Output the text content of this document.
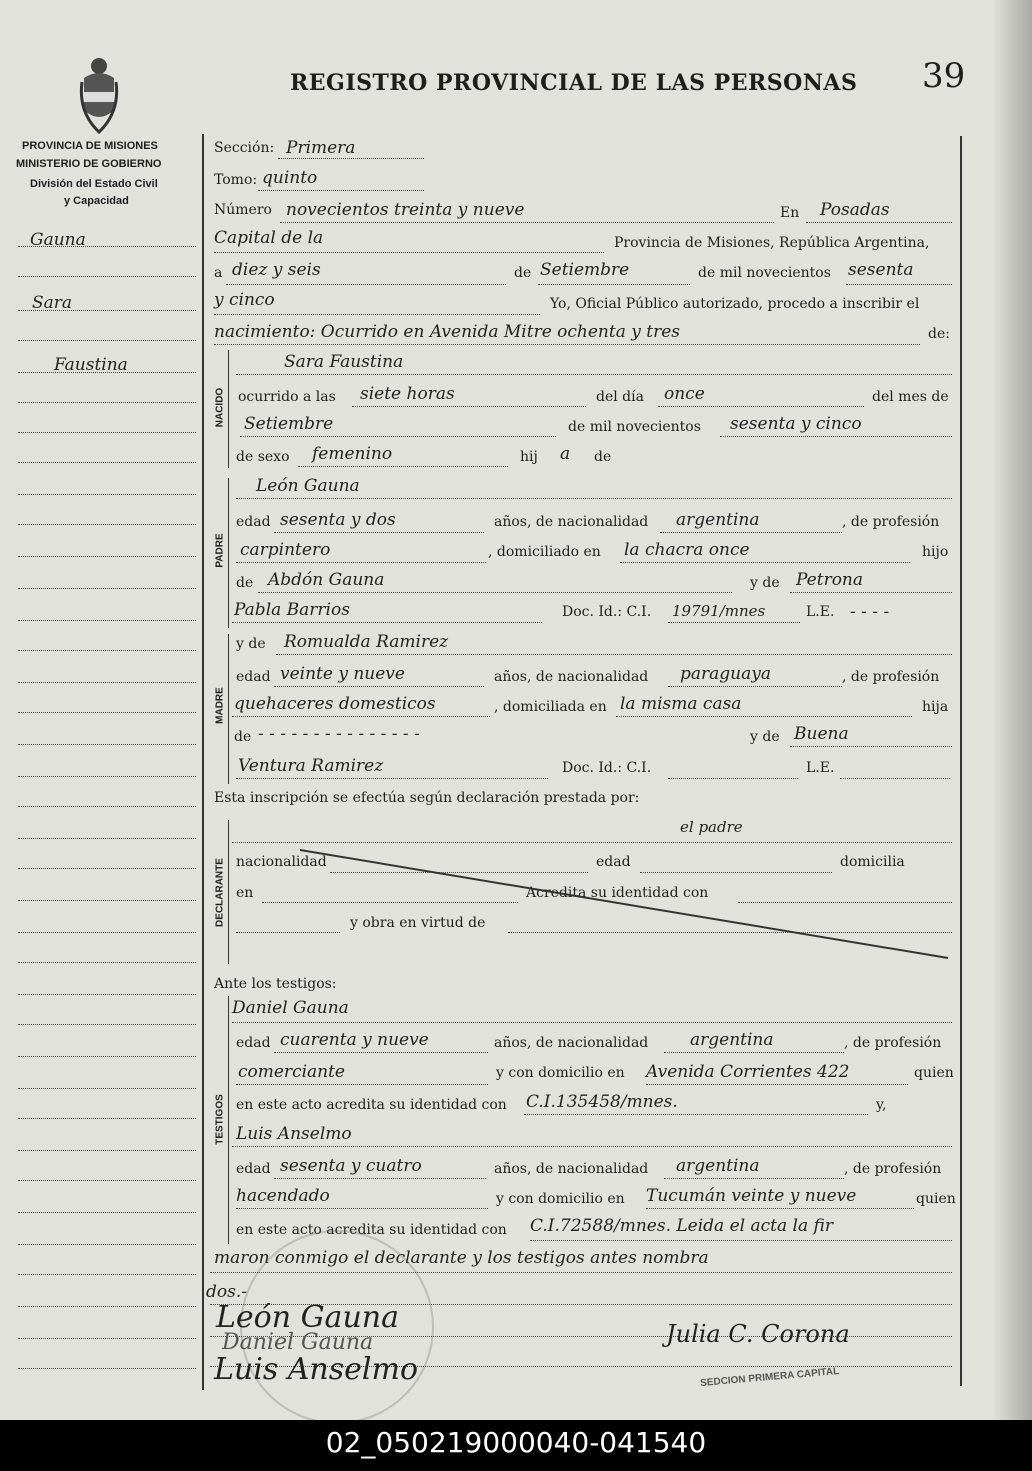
REGISTRO PROVINCIAL DE LAS PERSONAS 39
PROVINCIA DE MISIONES
MINISTERIO DE GOBIERNO
División del Estado Civil
y Capacidad
Gauna
Sara
Faustina
Sección: Primera
Tomo: quinto
Número novecientos treinta y nueve	En Posadas
Capital de la	Provincia de Misiones, República Argentina,
a diez y seis	de Setiembre	de mil novecientos sesenta
y cinco	Yo, Oficial Público autorizado, procedo a inscribir el
nacimiento: Ocurrido en Avenida Mitre ochenta y tres	de:
NACIDO
Sara Faustina
ocurrido a las siete horas	del día once	del mes de
Setiembre	de mil novecientos sesenta y cinco
de sexo femenino	hij a de
PADRE
León Gauna
edad sesenta y dos	años, de nacionalidad argentina	, de profesión
carpintero	, domiciliado en la chacra once	hijo
de Abdón Gauna	y de Petrona
Pabla Barrios	Doc. Id.: C.I. 19791/mnes	L.E. - - - -
MADRE
y de Romualda Ramirez
edad veinte y nueve	años, de nacionalidad paraguaya	, de profesión
quehaceres domesticos	, domiciliada en la misma casa	hija
de - - - - - - - - - - - - - - -	y de Buena
Ventura Ramirez	Doc. Id.: C.I.	L.E.
Esta inscripción se efectúa según declaración prestada por:
DECLARANTE
el padre
nacionalidad	edad	domicilia
en	Acredita su identidad con
y obra en virtud de
Ante los testigos:
TESTIGOS
Daniel Gauna
edad cuarenta y nueve	años, de nacionalidad argentina	, de profesión
comerciante	y con domicilio en Avenida Corrientes 422	quien
en este acto acredita su identidad con C.I.135458/mnes.	y,
Luis Anselmo
edad sesenta y cuatro	años, de nacionalidad argentina	, de profesión
hacendado	y con domicilio en Tucumán veinte y nueve	quien
en este acto acredita su identidad con C.I.72588/mnes. Leida el acta la fir
maron conmigo el declarante y los testigos antes nombra
dos.-
León Gauna
Daniel Gauna
Luis Anselmo
Julia C. Corona
SEDCION PRIMERA CAPITAL
02_050219000040-041540
